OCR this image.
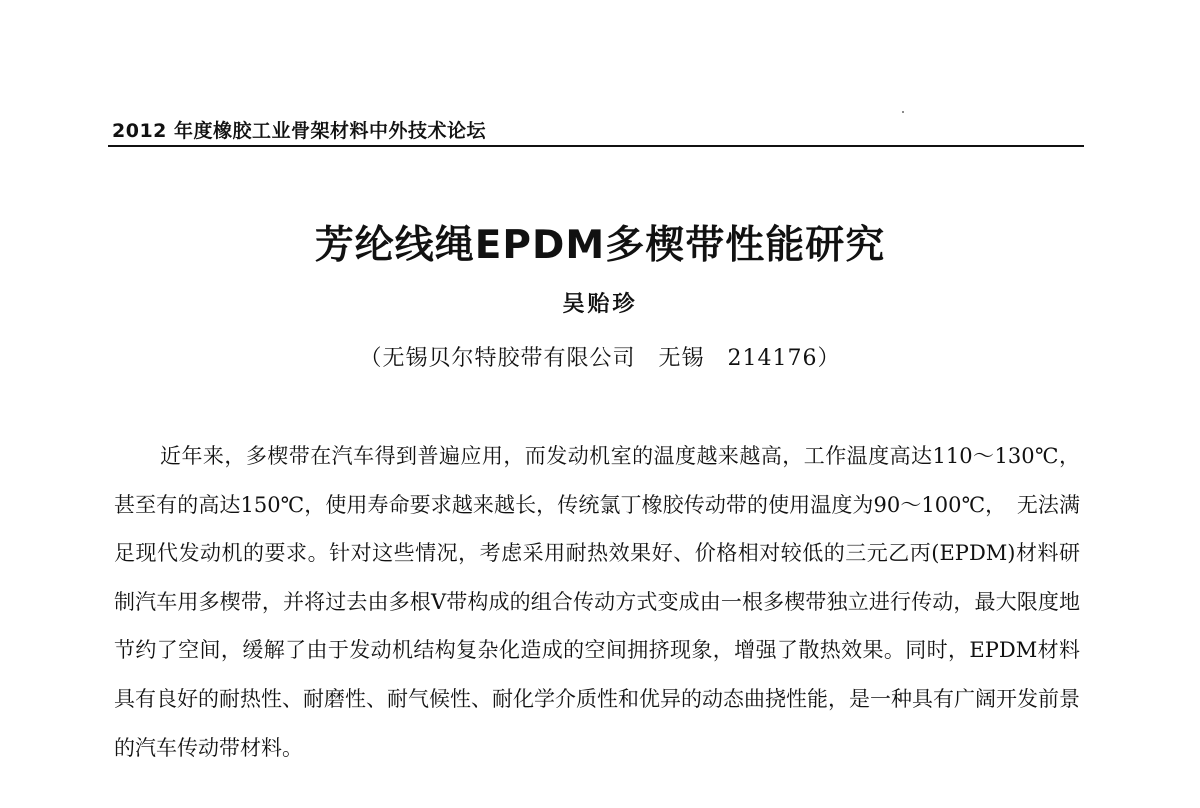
2012 年度橡胶工业骨架材料中外技术论坛
芳纶线绳EPDM多楔带性能研究
吴贻珍
（无锡贝尔特胶带有限公司　无锡　214176）

近年来，多楔带在汽车得到普遍应用，而发动机室的温度越来越高，工作温度高达110～130℃，甚至有的高达150℃，使用寿命要求越来越长，传统氯丁橡胶传动带的使用温度为90～100℃，　无法满足现代发动机的要求。针对这些情况，考虑采用耐热效果好、价格相对较低的三元乙丙(EPDM)材料研制汽车用多楔带，并将过去由多根V带构成的组合传动方式变成由一根多楔带独立进行传动，最大限度地节约了空间，缓解了由于发动机结构复杂化造成的空间拥挤现象，增强了散热效果。同时，EPDM材料具有良好的耐热性、耐磨性、耐气候性、耐化学介质性和优异的动态曲挠性能，是一种具有广阔开发前景的汽车传动带材料。
